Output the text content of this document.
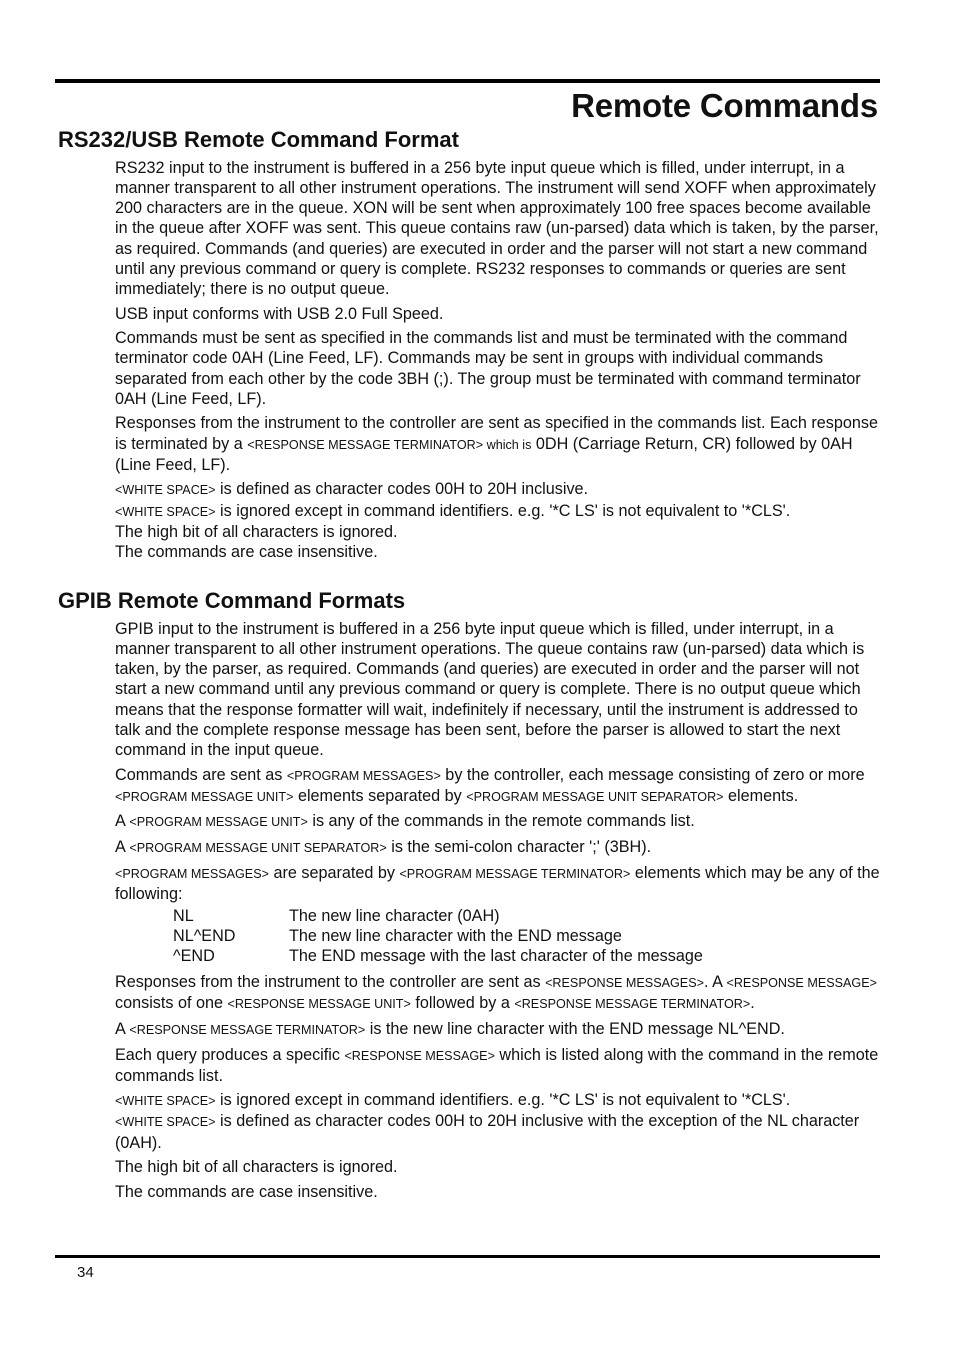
Remote Commands
RS232/USB Remote Command Format

RS232 input to the instrument is buffered in a 256 byte input queue which is filled, under interrupt, in a manner transparent to all other instrument operations. The instrument will send XOFF when approximately 200 characters are in the queue. XON will be sent when approximately 100 free spaces become available in the queue after XOFF was sent. This queue contains raw (un-parsed) data which is taken, by the parser, as required. Commands (and queries) are executed in order and the parser will not start a new command until any previous command or query is complete. RS232 responses to commands or queries are sent immediately; there is no output queue.

USB input conforms with USB 2.0 Full Speed.

Commands must be sent as specified in the commands list and must be terminated with the command terminator code 0AH (Line Feed, LF). Commands may be sent in groups with individual commands separated from each other by the code 3BH (;). The group must be terminated with command terminator 0AH (Line Feed, LF).

Responses from the instrument to the controller are sent as specified in the commands list. Each response is terminated by a <RESPONSE MESSAGE TERMINATOR> which is 0DH (Carriage Return, CR) followed by 0AH (Line Feed, LF).

<WHITE SPACE> is defined as character codes 00H to 20H inclusive.

<WHITE SPACE> is ignored except in command identifiers. e.g. '*C LS' is not equivalent to '*CLS'.

The high bit of all characters is ignored.

The commands are case insensitive.

GPIB Remote Command Formats

GPIB input to the instrument is buffered in a 256 byte input queue which is filled, under interrupt, in a manner transparent to all other instrument operations. The queue contains raw (un-parsed) data which is taken, by the parser, as required. Commands (and queries) are executed in order and the parser will not start a new command until any previous command or query is complete. There is no output queue which means that the response formatter will wait, indefinitely if necessary, until the instrument is addressed to talk and the complete response message has been sent, before the parser is allowed to start the next command in the input queue.

Commands are sent as <PROGRAM MESSAGES> by the controller, each message consisting of zero or more <PROGRAM MESSAGE UNIT> elements separated by <PROGRAM MESSAGE UNIT SEPARATOR> elements.

A <PROGRAM MESSAGE UNIT> is any of the commands in the remote commands list.

A <PROGRAM MESSAGE UNIT SEPARATOR> is the semi-colon character ';' (3BH).

<PROGRAM MESSAGES> are separated by <PROGRAM MESSAGE TERMINATOR> elements which may be any of the following:

NL	The new line character (0AH)
NL^END	The new line character with the END message
^END	The END message with the last character of the message

Responses from the instrument to the controller are sent as <RESPONSE MESSAGES>. A <RESPONSE MESSAGE> consists of one <RESPONSE MESSAGE UNIT> followed by a <RESPONSE MESSAGE TERMINATOR>.

A <RESPONSE MESSAGE TERMINATOR> is the new line character with the END message NL^END.

Each query produces a specific <RESPONSE MESSAGE> which is listed along with the command in the remote commands list.

<WHITE SPACE> is ignored except in command identifiers. e.g. '*C LS' is not equivalent to '*CLS'.

<WHITE SPACE> is defined as character codes 00H to 20H inclusive with the exception of the NL character (0AH).

The high bit of all characters is ignored.

The commands are case insensitive.

34
